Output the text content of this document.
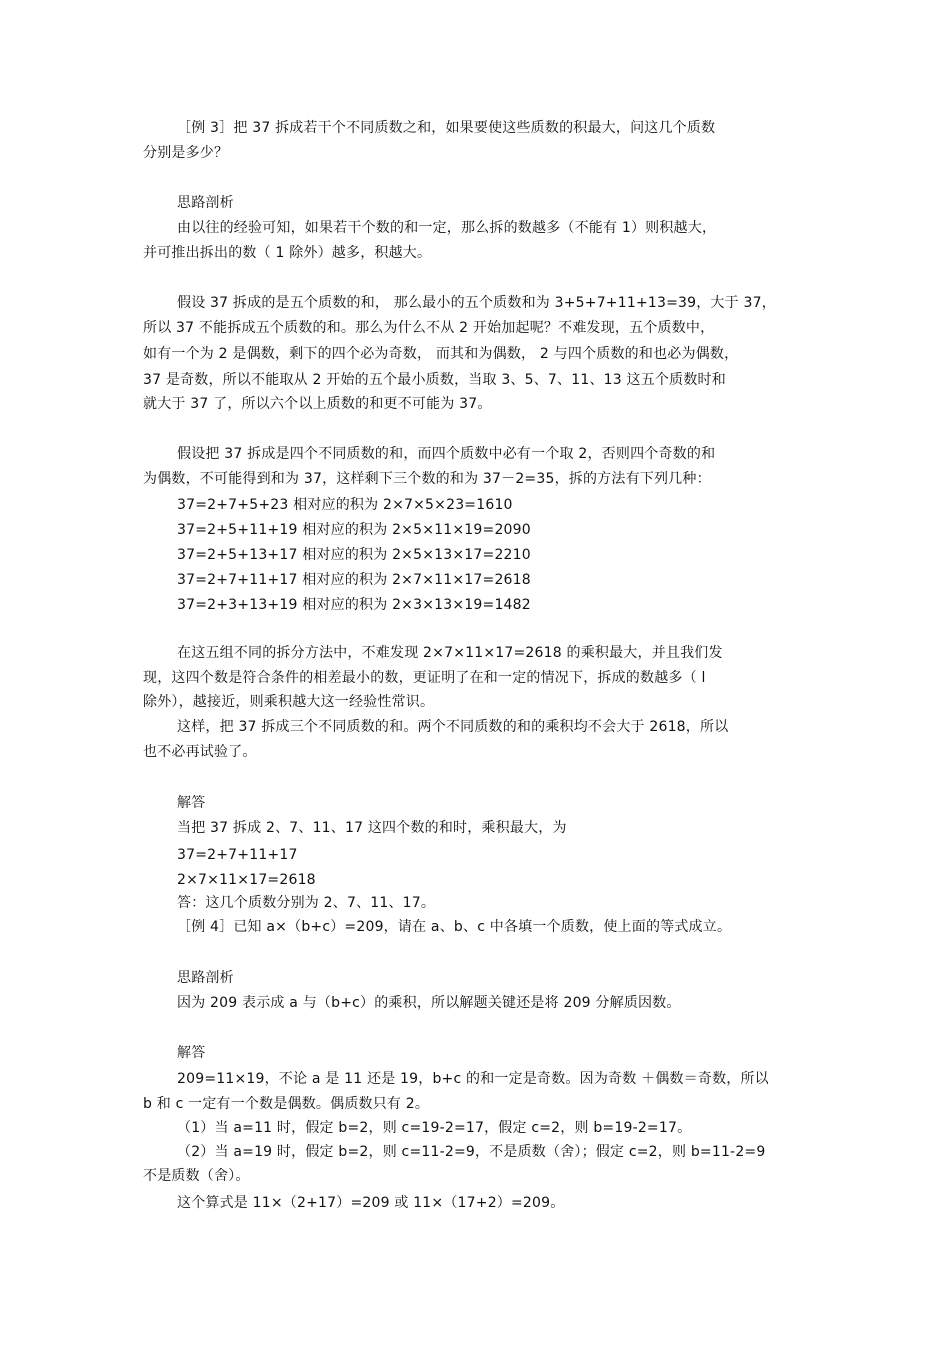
［例 3］把 37 拆成若干个不同质数之和，如果要使这些质数的积最大，问这几个质数
分别是多少？
思路剖析
由以往的经验可知，如果若干个数的和一定，那么拆的数越多（不能有 1）则积越大，
并可推出拆出的数（ 1 除外）越多，积越大。
假设 37 拆成的是五个质数的和， 那么最小的五个质数和为 3+5+7+11+13=39，大于 37，
所以 37 不能拆成五个质数的和。那么为什么不从 2 开始加起呢？不难发现，五个质数中，
如有一个为 2 是偶数，剩下的四个必为奇数， 而其和为偶数， 2 与四个质数的和也必为偶数，
37 是奇数，所以不能取从 2 开始的五个最小质数，当取 3、5、7、11、13 这五个质数时和
就大于 37 了，所以六个以上质数的和更不可能为 37。
假设把 37 拆成是四个不同质数的和，而四个质数中必有一个取 2，否则四个奇数的和
为偶数，不可能得到和为 37，这样剩下三个数的和为 37－2=35，拆的方法有下列几种：
37=2+7+5+23 相对应的积为 2×7×5×23=1610
37=2+5+11+19 相对应的积为 2×5×11×19=2090
37=2+5+13+17 相对应的积为 2×5×13×17=2210
37=2+7+11+17 相对应的积为 2×7×11×17=2618
37=2+3+13+19 相对应的积为 2×3×13×19=1482
在这五组不同的拆分方法中，不难发现 2×7×11×17=2618 的乘积最大，并且我们发
现，这四个数是符合条件的相差最小的数，更证明了在和一定的情况下，拆成的数越多（ l
除外），越接近，则乘积越大这一经验性常识。
这样，把 37 拆成三个不同质数的和。两个不同质数的和的乘积均不会大于 2618，所以
也不必再试验了。
解答
当把 37 拆成 2、7、11、17 这四个数的和时，乘积最大，为
37=2+7+11+17
2×7×11×17=2618
答：这几个质数分别为 2、7、11、17。
［例 4］已知 a×（b+c）=209，请在 a、b、c 中各填一个质数，使上面的等式成立。
思路剖析
因为 209 表示成 a 与（b+c）的乘积，所以解题关键还是将 209 分解质因数。
解答
209=11×19，不论 a 是 11 还是 19，b+c 的和一定是奇数。因为奇数 ＋偶数＝奇数，所以
b 和 c 一定有一个数是偶数。偶质数只有 2。
（1）当 a=11 时，假定 b=2，则 c=19-2=17，假定 c=2，则 b=19-2=17。
（2）当 a=19 时，假定 b=2，则 c=11-2=9，不是质数（舍）；假定 c=2，则 b=11-2=9
不是质数（舍）。
这个算式是 11×（2+17）=209 或 11×（17+2）=209。
